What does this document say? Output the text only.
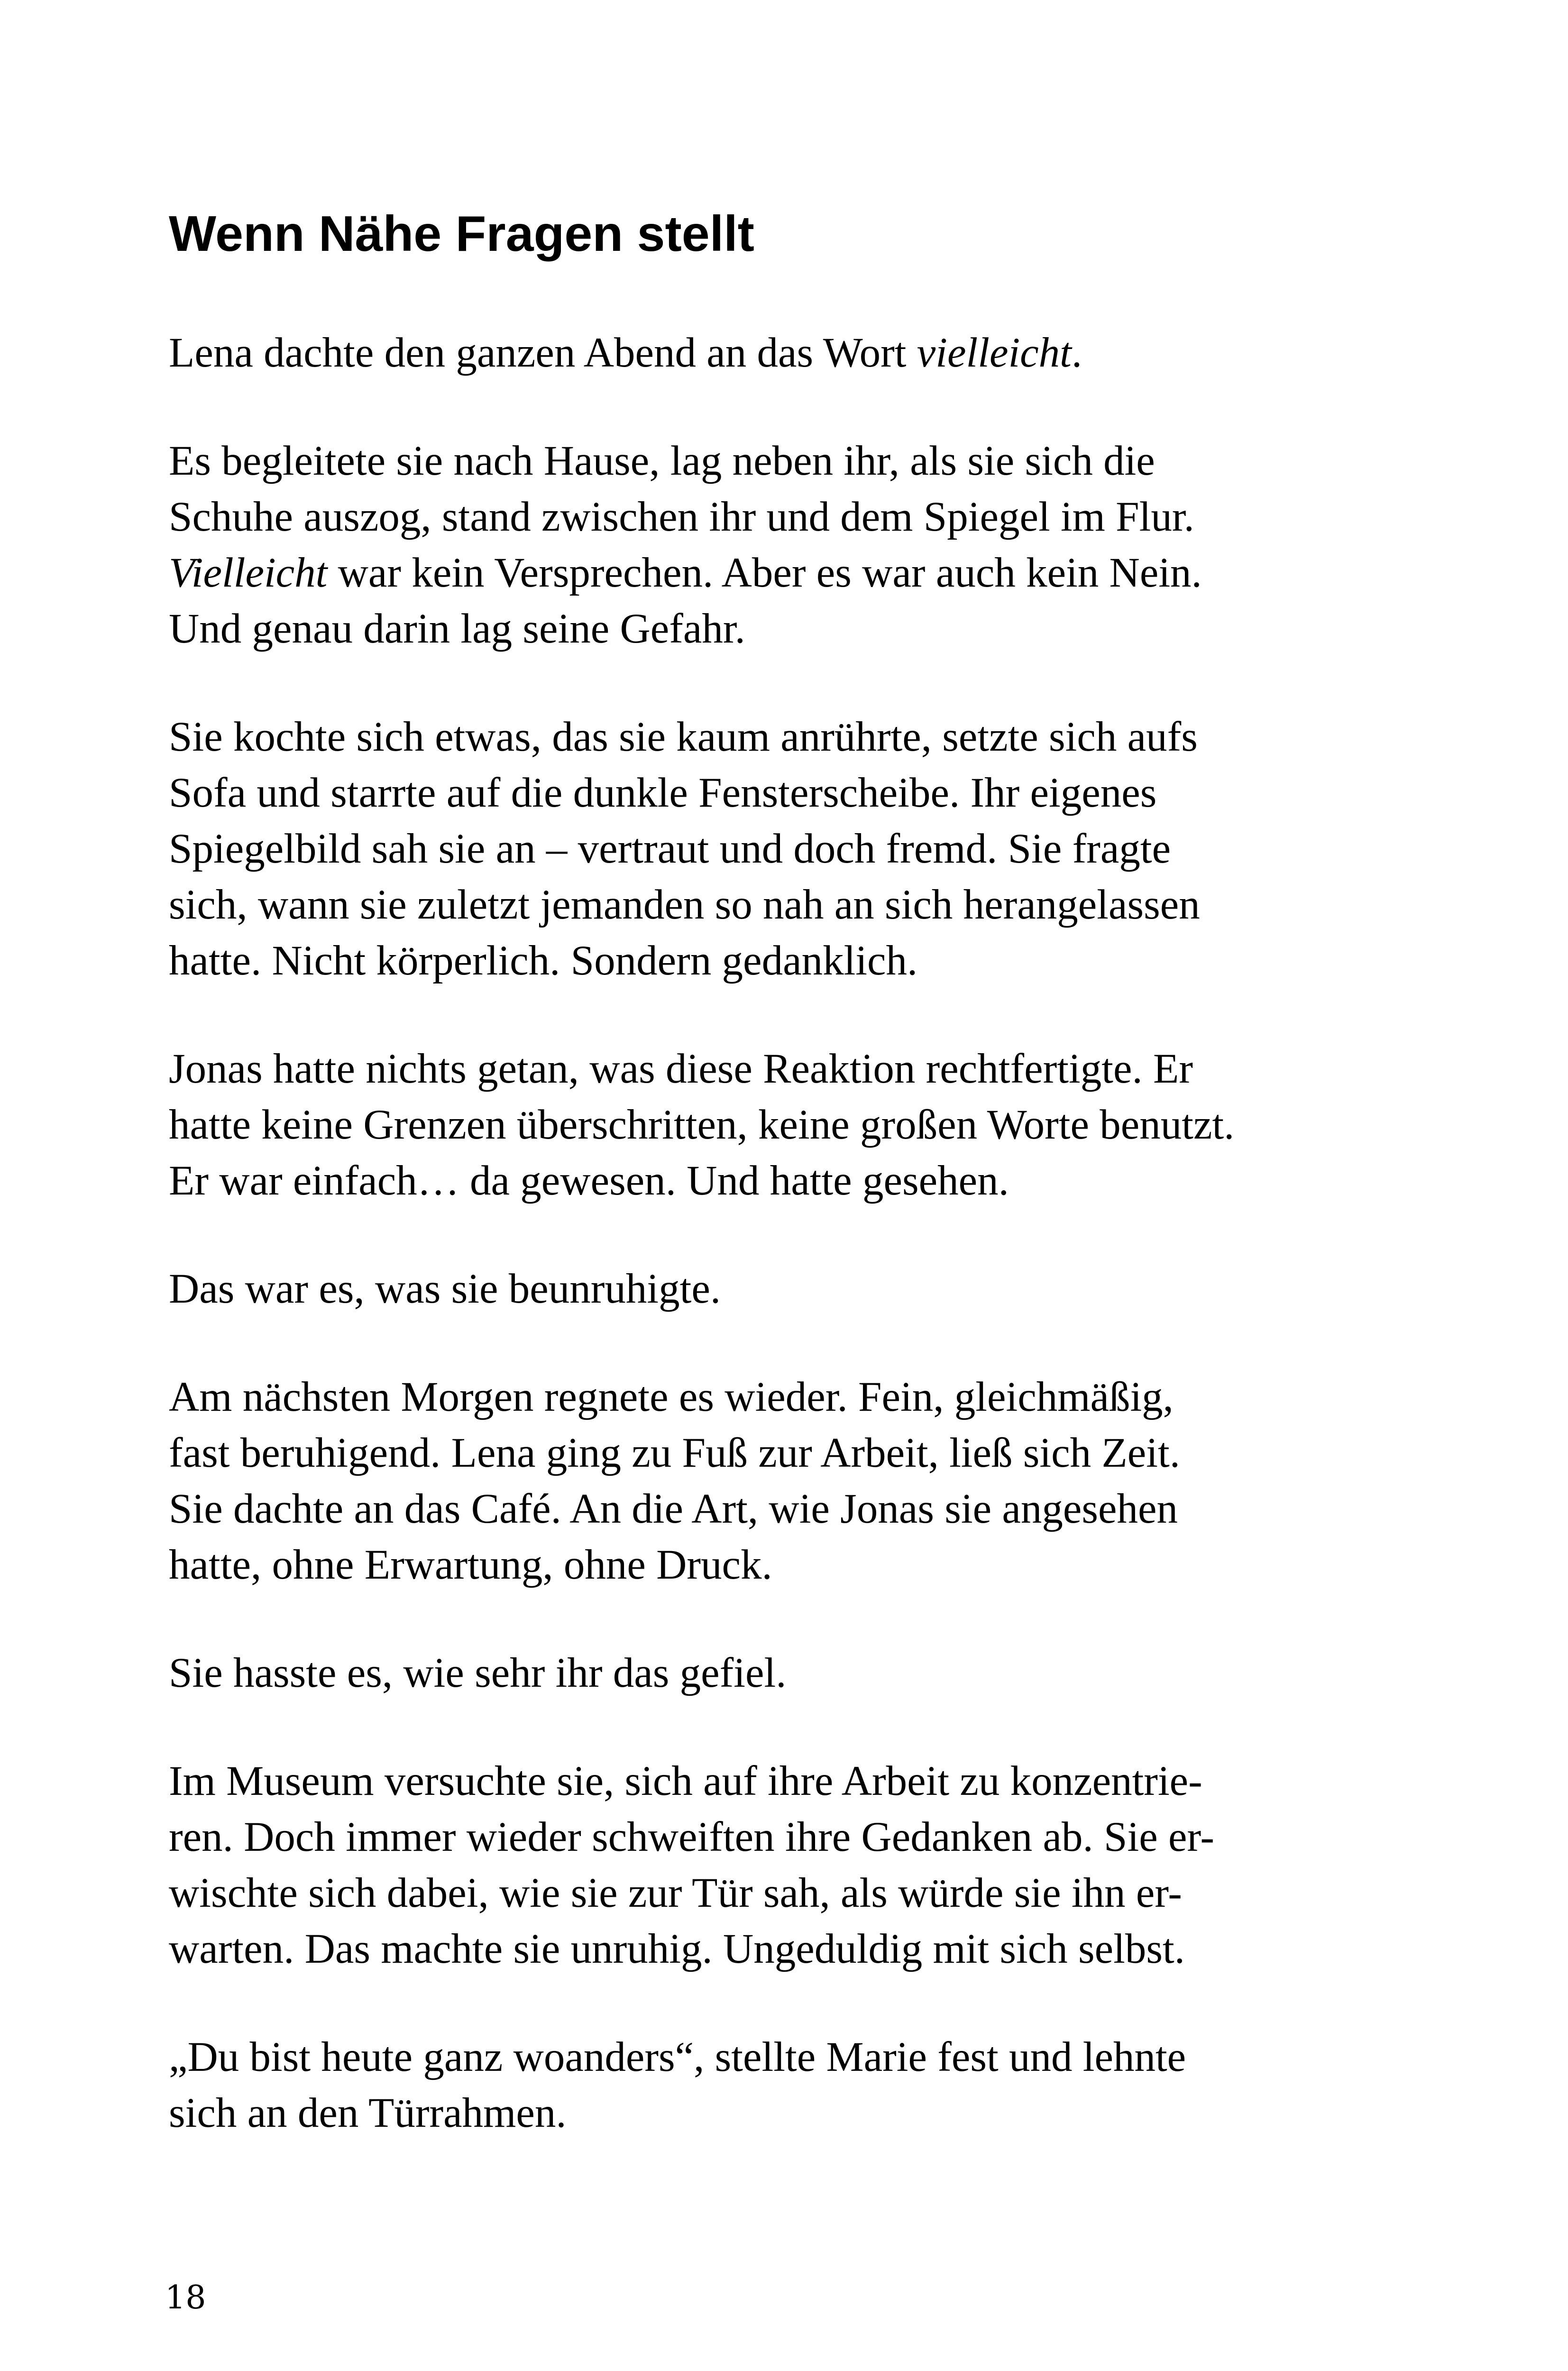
Wenn Nähe Fragen stellt

Lena dachte den ganzen Abend an das Wort vielleicht.

Es begleitete sie nach Hause, lag neben ihr, als sie sich die
Schuhe auszog, stand zwischen ihr und dem Spiegel im Flur.
Vielleicht war kein Versprechen. Aber es war auch kein Nein.
Und genau darin lag seine Gefahr.

Sie kochte sich etwas, das sie kaum anrührte, setzte sich aufs
Sofa und starrte auf die dunkle Fensterscheibe. Ihr eigenes
Spiegelbild sah sie an – vertraut und doch fremd. Sie fragte
sich, wann sie zuletzt jemanden so nah an sich herangelassen
hatte. Nicht körperlich. Sondern gedanklich.

Jonas hatte nichts getan, was diese Reaktion rechtfertigte. Er
hatte keine Grenzen überschritten, keine großen Worte benutzt.
Er war einfach… da gewesen. Und hatte gesehen.

Das war es, was sie beunruhigte.

Am nächsten Morgen regnete es wieder. Fein, gleichmäßig,
fast beruhigend. Lena ging zu Fuß zur Arbeit, ließ sich Zeit.
Sie dachte an das Café. An die Art, wie Jonas sie angesehen
hatte, ohne Erwartung, ohne Druck.

Sie hasste es, wie sehr ihr das gefiel.

Im Museum versuchte sie, sich auf ihre Arbeit zu konzentrie-
ren. Doch immer wieder schweiften ihre Gedanken ab. Sie er-
wischte sich dabei, wie sie zur Tür sah, als würde sie ihn er-
warten. Das machte sie unruhig. Ungeduldig mit sich selbst.

„Du bist heute ganz woanders“, stellte Marie fest und lehnte
sich an den Türrahmen.

18
